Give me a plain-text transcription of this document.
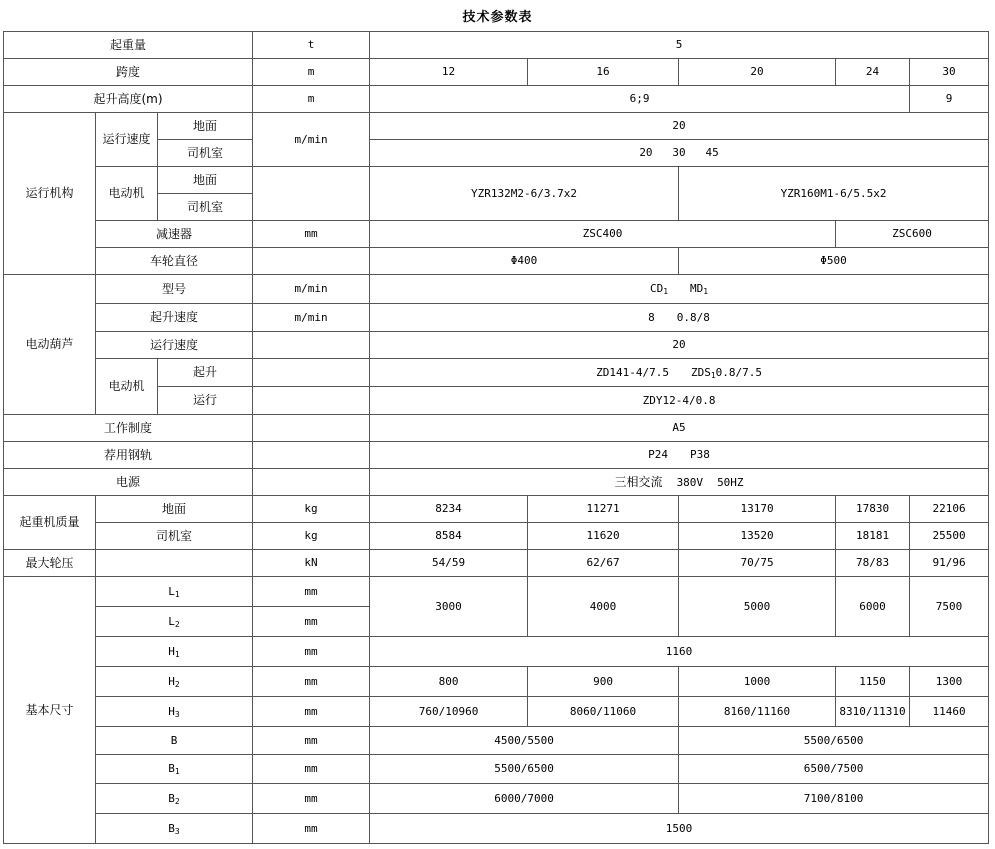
技术参数表
起重量			t	5				
跨度			m	12	16	20	24	30
起升高度(m)			m	6;9				9
运行机构	运行速度	地面	m/min	20				
		司机室		20   30   45				
	电动机	地面		YZR132M2-6/3.7x2		YZR160M1-6/5.5x2		
		司机室						
	减速器		mm	ZSC400			ZSC600	
	车轮直径			Φ400		Φ500		
电动葫芦	型号		m/min	$CD_1$ $MD_1$
	起升速度		m/min	8 0.8/8				
	运行速度			20				
	电动机	起升		ZD141-4/7.5 $ZDS_10.8/7.5$				
		运行		ZDY12-4/0.8				
工作制度				A5				
荐用钢轨				P24 P38				
电源				三相交流 380V 50HZ				
起重机质量	地面		kg	8234	11271	13170	17830	22106
	司机室		kg	8584	11620	13520	18181	25500
最大轮压			kN	54/59	62/67	70/75	78/83	91/96
基本尺寸	$L_1$		mm	3000	4000	5000	6000	7500
	$L_2$		mm					
	$H_1$		mm	1160				
	$H_2$		mm	800	900	1000	1150	1300
	$H_3$		mm	760/10960	8060/11060	8160/11160	8310/11310	11460
	B		mm	4500/5500		5500/6500		
	$B_1$		mm	5500/6500		6500/7500		
	$B_2$		mm	6000/7000		7100/8100		
	$B_3$		mm	1500				
